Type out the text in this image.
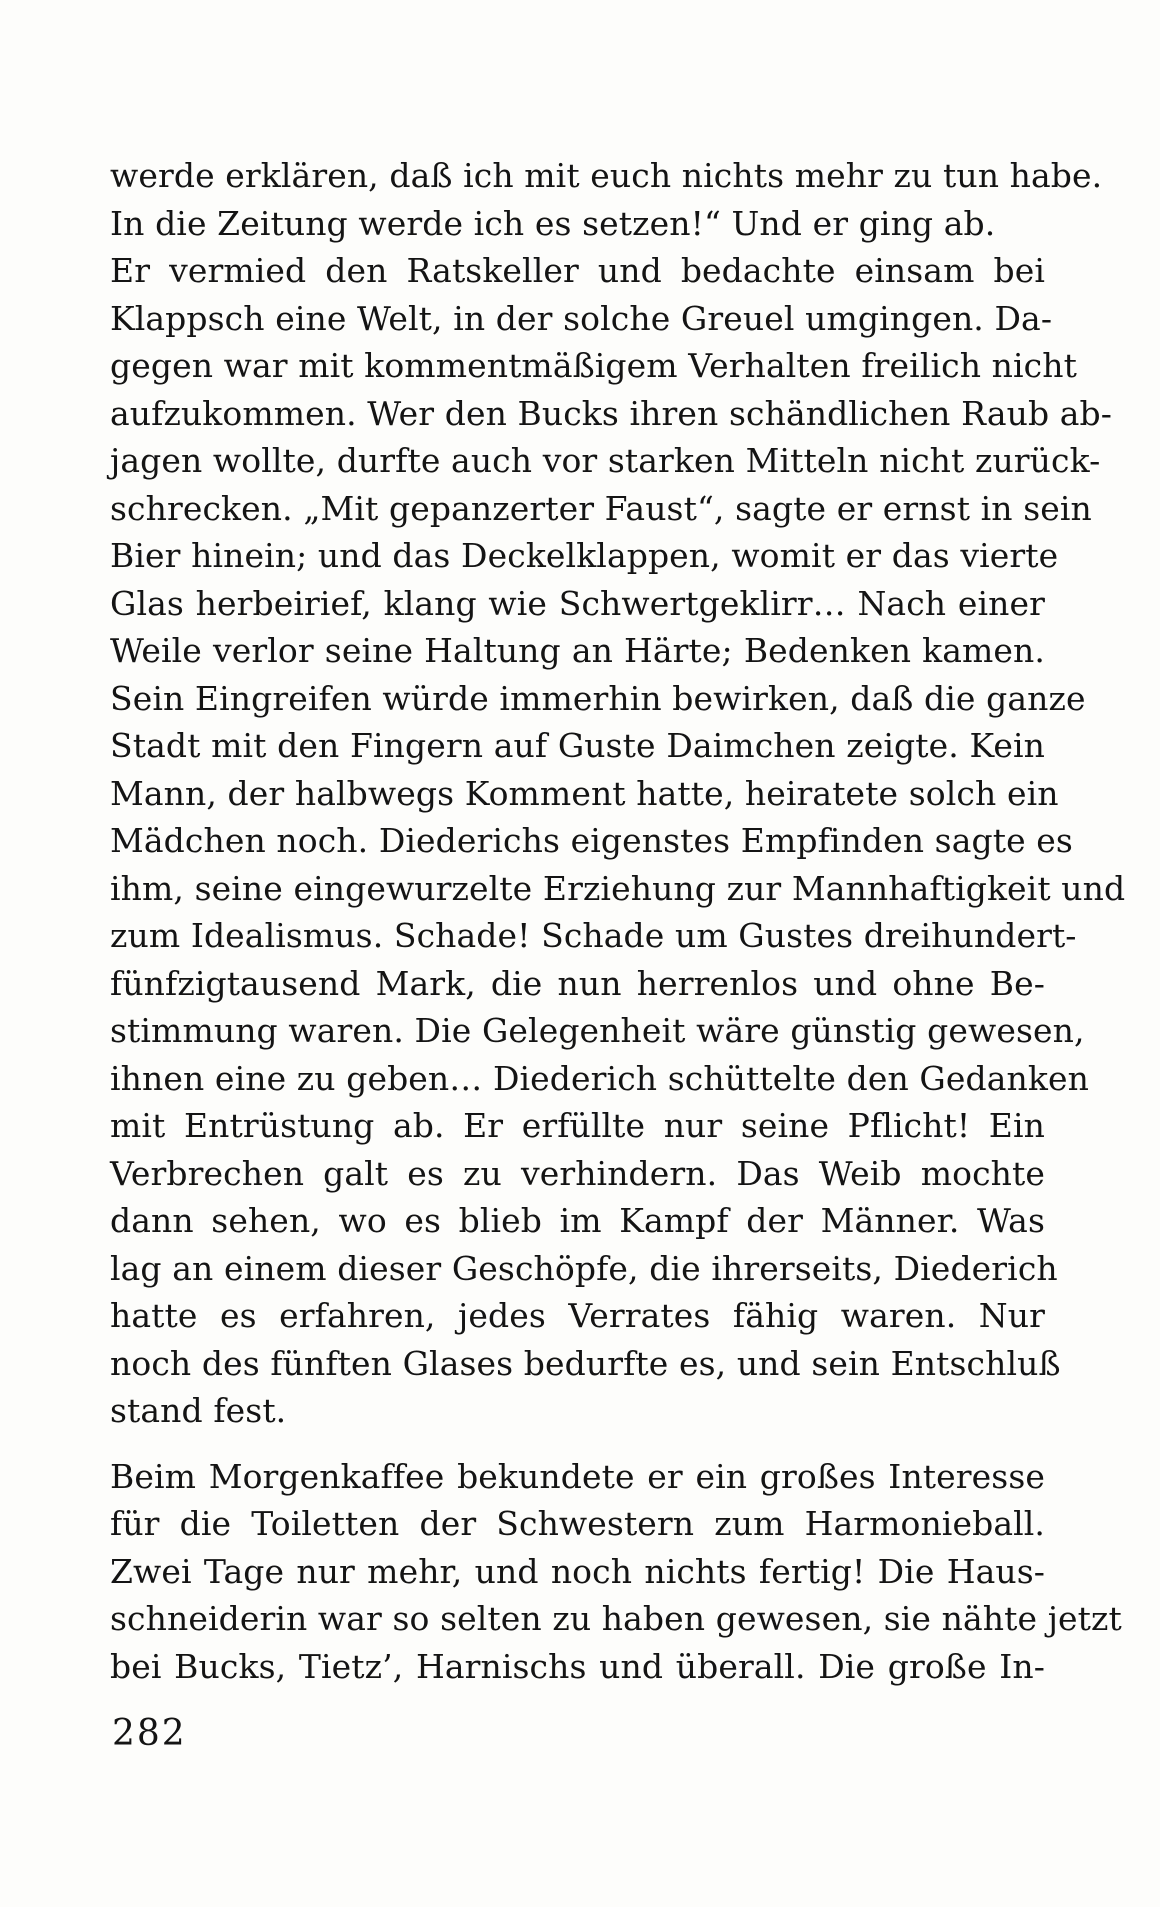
werde erklären, daß ich mit euch nichts mehr zu tun habe.
In die Zeitung werde ich es setzen!“ Und er ging ab.
Er vermied den Ratskeller und bedachte einsam bei
Klappsch eine Welt, in der solche Greuel umgingen. Da-
gegen war mit kommentmäßigem Verhalten freilich nicht
aufzukommen. Wer den Bucks ihren schändlichen Raub ab-
jagen wollte, durfte auch vor starken Mitteln nicht zurück-
schrecken. „Mit gepanzerter Faust“, sagte er ernst in sein
Bier hinein; und das Deckelklappen, womit er das vierte
Glas herbeirief, klang wie Schwertgeklirr… Nach einer
Weile verlor seine Haltung an Härte; Bedenken kamen.
Sein Eingreifen würde immerhin bewirken, daß die ganze
Stadt mit den Fingern auf Guste Daimchen zeigte. Kein
Mann, der halbwegs Komment hatte, heiratete solch ein
Mädchen noch. Diederichs eigenstes Empfinden sagte es
ihm, seine eingewurzelte Erziehung zur Mannhaftigkeit und
zum Idealismus. Schade! Schade um Gustes dreihundert-
fünfzigtausend Mark, die nun herrenlos und ohne Be-
stimmung waren. Die Gelegenheit wäre günstig gewesen,
ihnen eine zu geben… Diederich schüttelte den Gedanken
mit Entrüstung ab. Er erfüllte nur seine Pflicht! Ein
Verbrechen galt es zu verhindern. Das Weib mochte
dann sehen, wo es blieb im Kampf der Männer. Was
lag an einem dieser Geschöpfe, die ihrerseits, Diederich
hatte es erfahren, jedes Verrates fähig waren. Nur
noch des fünften Glases bedurfte es, und sein Entschluß
stand fest.
Beim Morgenkaffee bekundete er ein großes Interesse
für die Toiletten der Schwestern zum Harmonieball.
Zwei Tage nur mehr, und noch nichts fertig! Die Haus-
schneiderin war so selten zu haben gewesen, sie nähte jetzt
bei Bucks, Tietz’, Harnischs und überall. Die große In-
282
